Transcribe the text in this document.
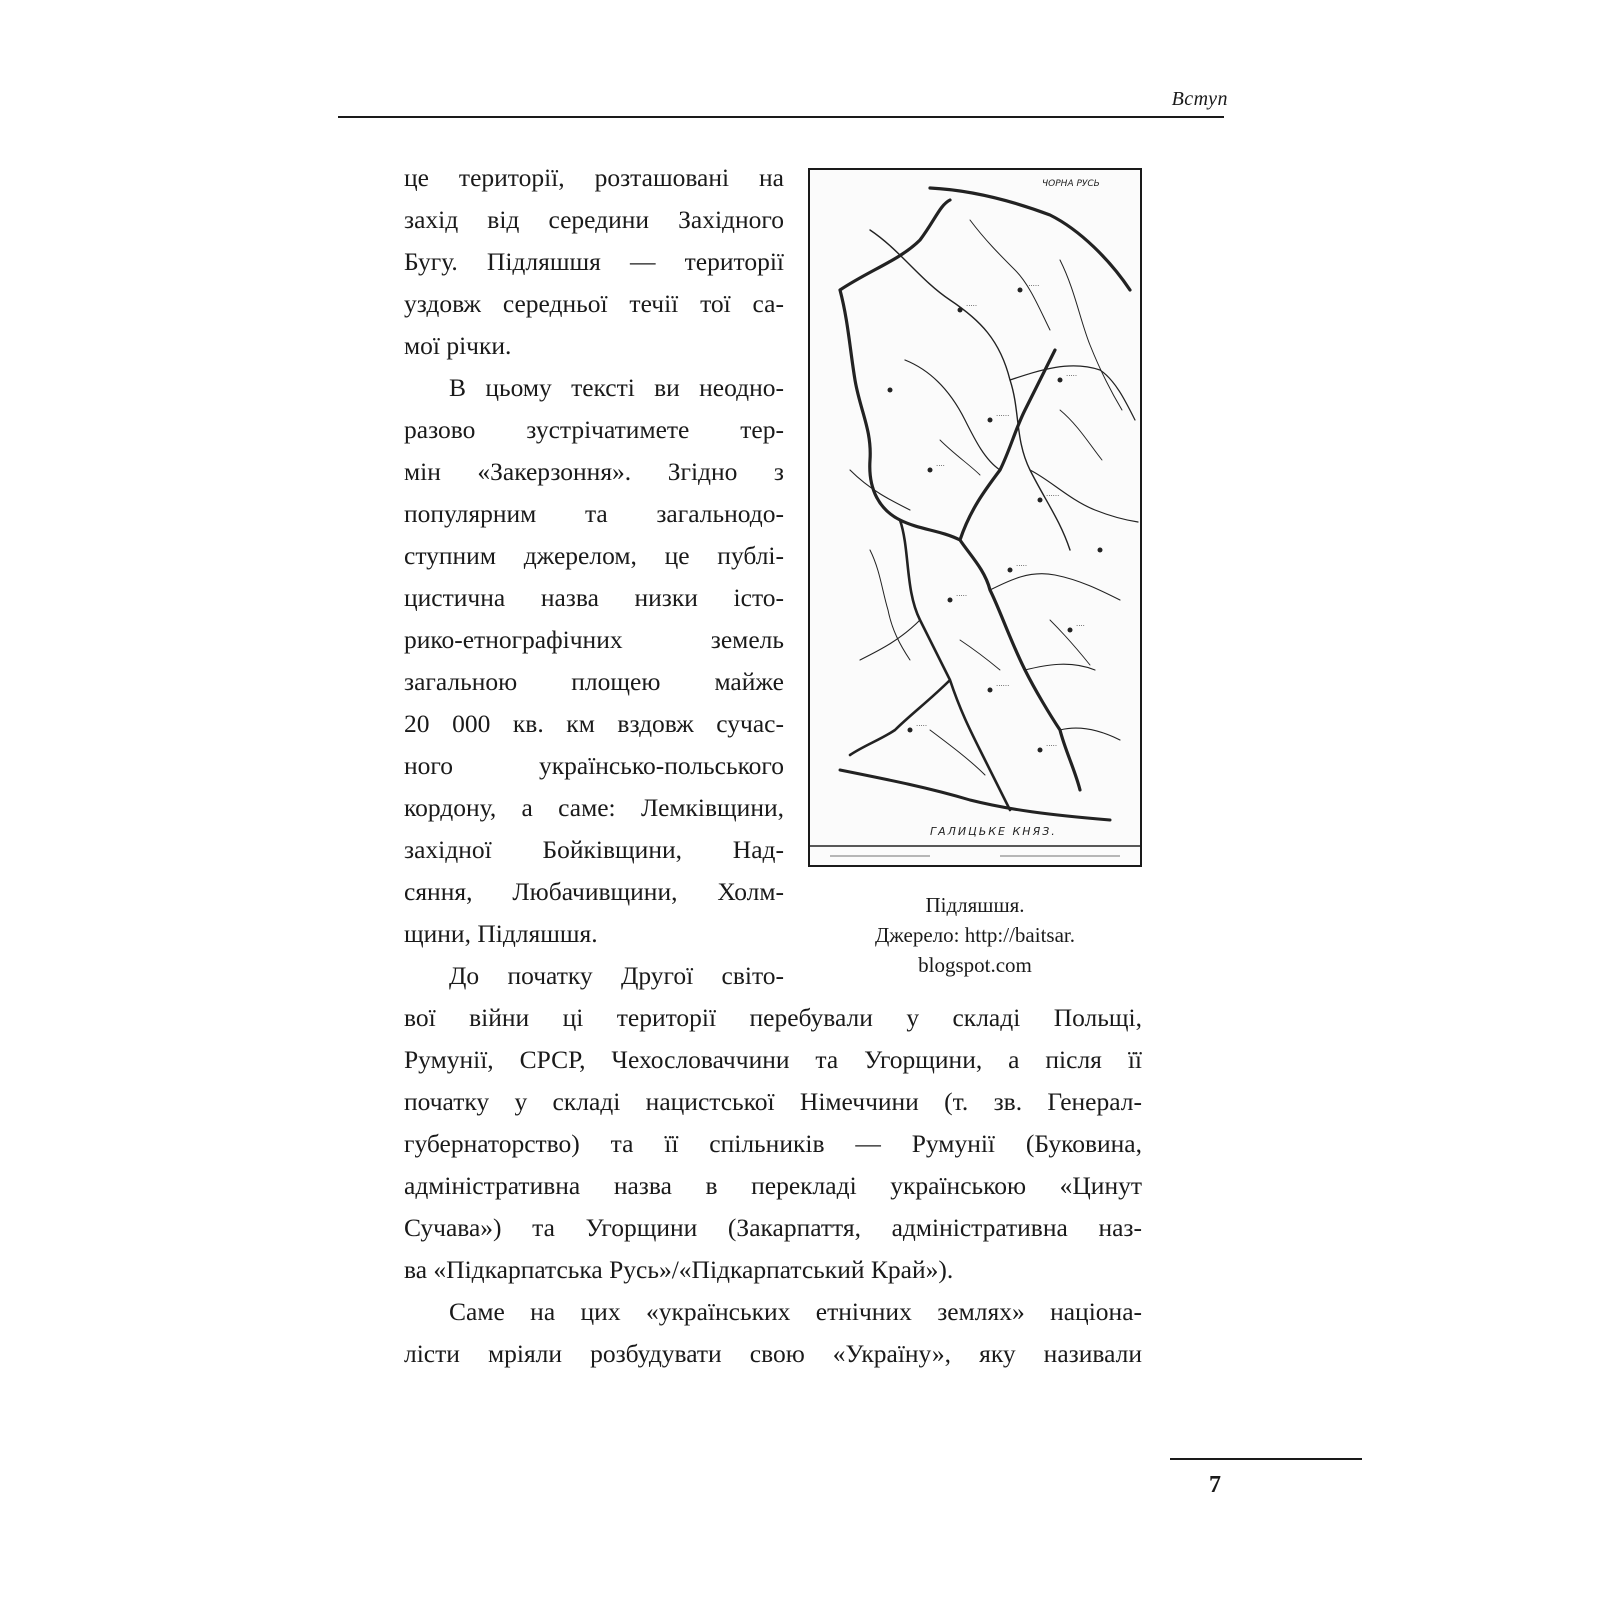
Вступ
це території, розташовані на
захід від середини Західного
Бугу. Підляшшя — території
уздовж середньої течії тої са-
мої річки.
В цьому тексті ви неодно-
разово зустрічатимете тер-
мін «Закерзоння». Згідно з
популярним та загальнодо-
ступним джерелом, це публі-
цистична назва низки істо-
рико-етнографічних земель
загальною площею майже
20 000 кв. км вздовж сучас-
ного українсько-польського
кордону, а саме: Лемківщини,
західної Бойківщини, Над-
сяння, Любачивщини, Холм-
щини, Підляшшя.
До початку Другої світо-
вої війни ці території перебували у складі Польщі,
Румунії, СРСР, Чехословаччини та Угорщини, а після її
початку у складі нацистської Німеччини (т. зв. Генерал-
губернаторство) та її спільників — Румунії (Буковина,
адміністративна назва в перекладі українською «Цинут
Сучава») та Угорщини (Закарпаття, адміністративна наз-
ва «Підкарпатська Русь»/«Підкарпатський Край»).
Саме на цих «українських етнічних землях» націона-
лісти мріяли розбудувати свою «Україну», яку називали
·····
······
·····
······
····
······
·····
·····
····
······
·····
·····
ЧОРНА РУСЬ
ГАЛИЦЬКЕ КНЯЗ.
Підляшшя.
Джерело: http://baitsar.
blogspot.com
7
